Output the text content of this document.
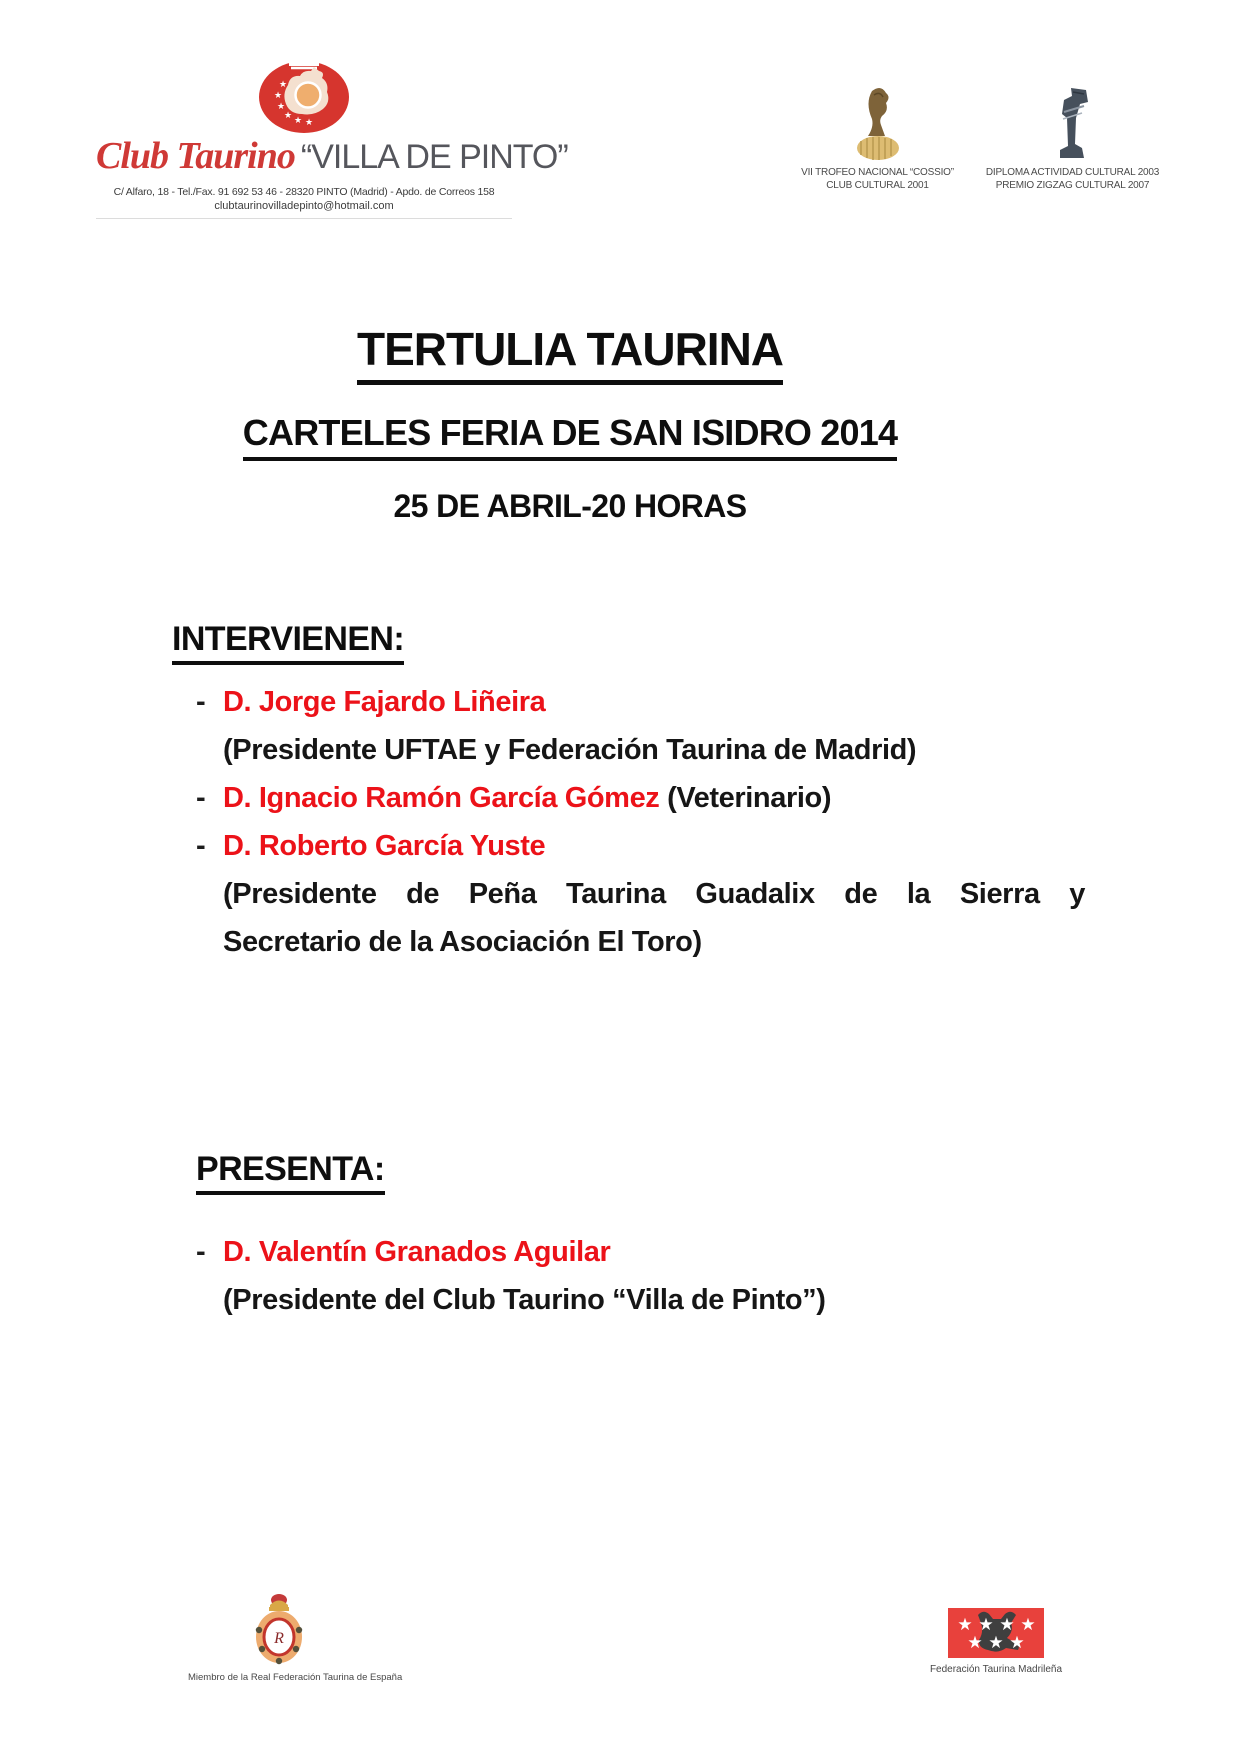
★
★
★
★ ★ ★
Club Taurino “VILLA DE PINTO”
C/ Alfaro, 18 - Tel./Fax. 91 692 53 46 - 28320 PINTO (Madrid) - Apdo. de Correos 158
clubtaurinovilladepinto@hotmail.com
VII TROFEO NACIONAL “COSSIO”
CLUB CULTURAL 2001
DIPLOMA ACTIVIDAD CULTURAL 2003
PREMIO ZIGZAG CULTURAL 2007
TERTULIA TAURINA
CARTELES FERIA DE SAN ISIDRO 2014
25 DE ABRIL-20 HORAS
INTERVIENEN:
- D. Jorge Fajardo Liñeira
(Presidente UFTAE y Federación Taurina de Madrid)
- D. Ignacio Ramón García Gómez (Veterinario)
- D. Roberto García Yuste
(Presidente de Peña Taurina Guadalix de la Sierra y
Secretario de la Asociación El Toro)
PRESENTA:
- D. Valentín Granados Aguilar
(Presidente del Club Taurino “Villa de Pinto”)
R
Miembro de la Real Federación Taurina de España
★ ★ ★ ★
★ ★ ★
Federación Taurina Madrileña
